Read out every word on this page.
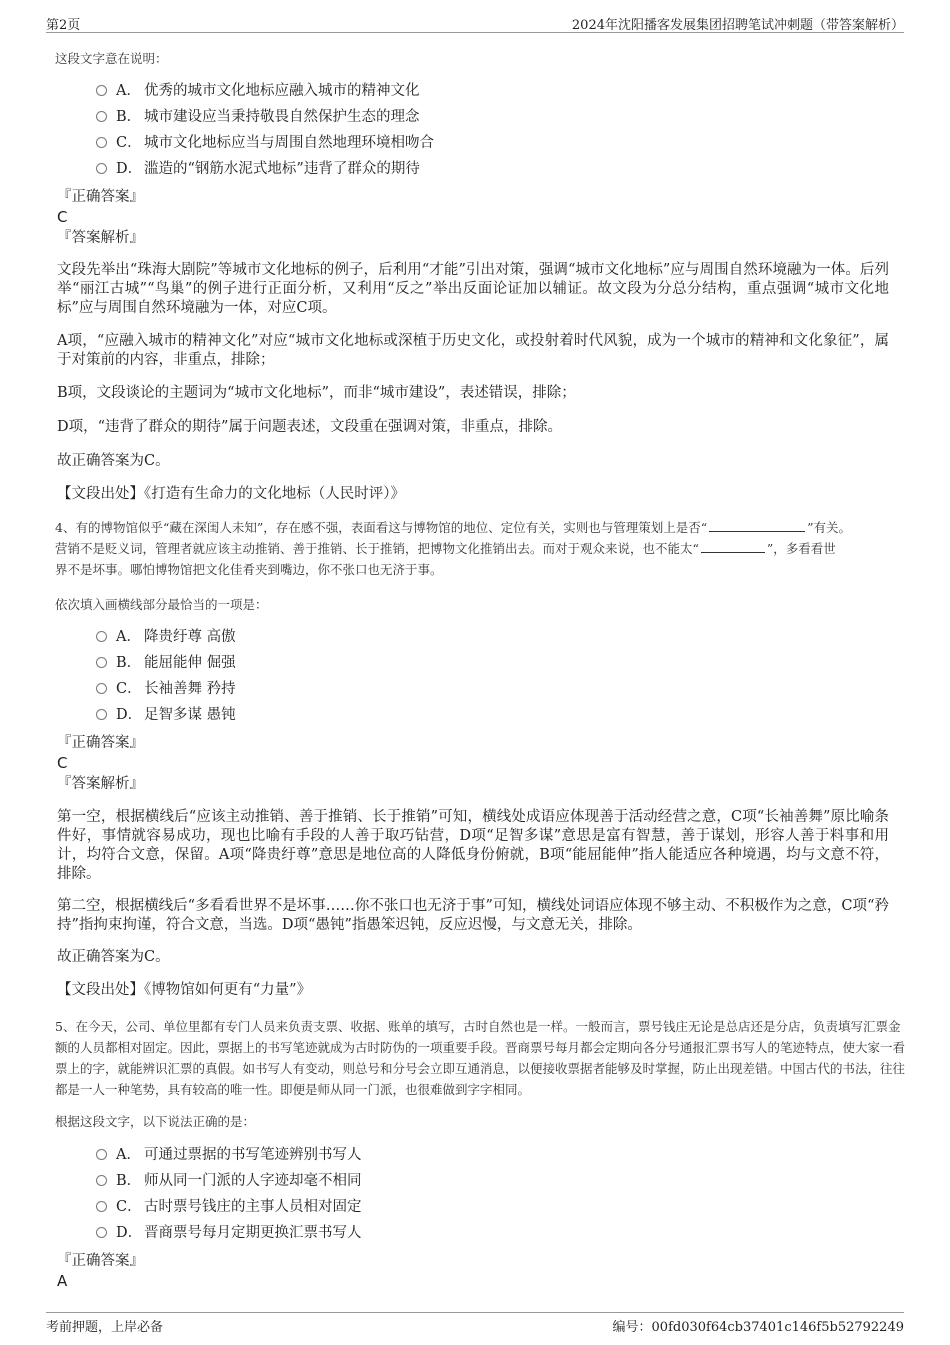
第2页	2024年沈阳播客发展集团招聘笔试冲刺题（带答案解析）
这段文字意在说明：
A． 优秀的城市文化地标应融入城市的精神文化
B． 城市建设应当秉持敬畏自然保护生态的理念
C． 城市文化地标应当与周围自然地理环境相吻合
D． 滥造的“钢筋水泥式地标”违背了群众的期待
『正确答案』
C
『答案解析』
文段先举出“珠海大剧院”等城市文化地标的例子，后利用“才能”引出对策，强调“城市文化地标”应与周围自然环境融为一体。后列举“丽江古城”“鸟巢”的例子进行正面分析，又利用“反之”举出反面论证加以辅证。故文段为分总分结构，重点强调“城市文化地标”应与周围自然环境融为一体，对应C项。
A项，“应融入城市的精神文化”对应“城市文化地标或深植于历史文化，或投射着时代风貌，成为一个城市的精神和文化象征”，属于对策前的内容，非重点，排除；
B项，文段谈论的主题词为“城市文化地标”，而非“城市建设”，表述错误，排除；
D项，“违背了群众的期待”属于问题表述，文段重在强调对策，非重点，排除。
故正确答案为C。
【文段出处】《打造有生命力的文化地标（人民时评）》
4、有的博物馆似乎“藏在深闺人未知”，存在感不强，表面看这与博物馆的地位、定位有关，实则也与管理策划上是否“	”有关。
营销不是贬义词，管理者就应该主动推销、善于推销、长于推销，把博物文化推销出去。而对于观众来说，也不能太“	”，多看看世
界不是坏事。哪怕博物馆把文化佳肴夹到嘴边，你不张口也无济于事。
依次填入画横线部分最恰当的一项是：
A． 降贵纡尊 高傲
B． 能屈能伸 倔强
C． 长袖善舞 矜持
D． 足智多谋 愚钝
『正确答案』
C
『答案解析』
第一空，根据横线后“应该主动推销、善于推销、长于推销”可知，横线处成语应体现善于活动经营之意，C项“长袖善舞”原比喻条件好，事情就容易成功，现也比喻有手段的人善于取巧钻营，D项“足智多谋”意思是富有智慧，善于谋划，形容人善于料事和用计，均符合文意，保留。A项“降贵纡尊”意思是地位高的人降低身份俯就，B项“能屈能伸”指人能适应各种境遇，均与文意不符，排除。
第二空，根据横线后“多看看世界不是坏事……你不张口也无济于事”可知，横线处词语应体现不够主动、不积极作为之意，C项“矜持”指拘束拘谨，符合文意，当选。D项“愚钝”指愚笨迟钝，反应迟慢，与文意无关，排除。
故正确答案为C。
【文段出处】《博物馆如何更有“力量”》
5、在今天，公司、单位里都有专门人员来负责支票、收据、账单的填写，古时自然也是一样。一般而言，票号钱庄无论是总店还是分店，负责填写汇票金额的人员都相对固定。因此，票据上的书写笔迹就成为古时防伪的一项重要手段。晋商票号每月都会定期向各分号通报汇票书写人的笔迹特点，使大家一看票上的字，就能辨识汇票的真假。如书写人有变动，则总号和分号会立即互通消息，以便接收票据者能够及时掌握，防止出现差错。中国古代的书法，往往都是一人一种笔势，具有较高的唯一性。即便是师从同一门派，也很难做到字字相同。
根据这段文字，以下说法正确的是：
A． 可通过票据的书写笔迹辨别书写人
B． 师从同一门派的人字迹却毫不相同
C． 古时票号钱庄的主事人员相对固定
D． 晋商票号每月定期更换汇票书写人
『正确答案』
A
考前押题，上岸必备	编号：00fd030f64cb37401c146f5b52792249
